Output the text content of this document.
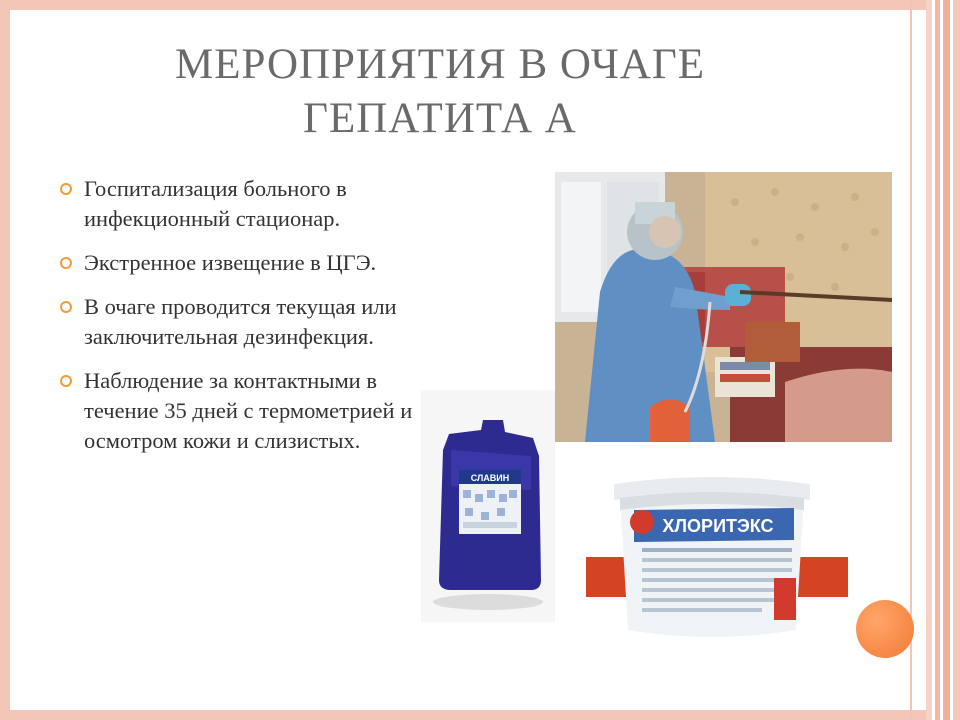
МЕРОПРИЯТИЯ В ОЧАГЕ
ГЕПАТИТА А
Госпитализация больного в инфекционный стационар.
Экстренное извещение в ЦГЭ.
В очаге проводится текущая или заключительная дезинфекция.
Наблюдение за контактными в течение 35 дней с термометрией и осмотром кожи и слизистых.
СЛАВИН
ХЛОРИТЭКС
